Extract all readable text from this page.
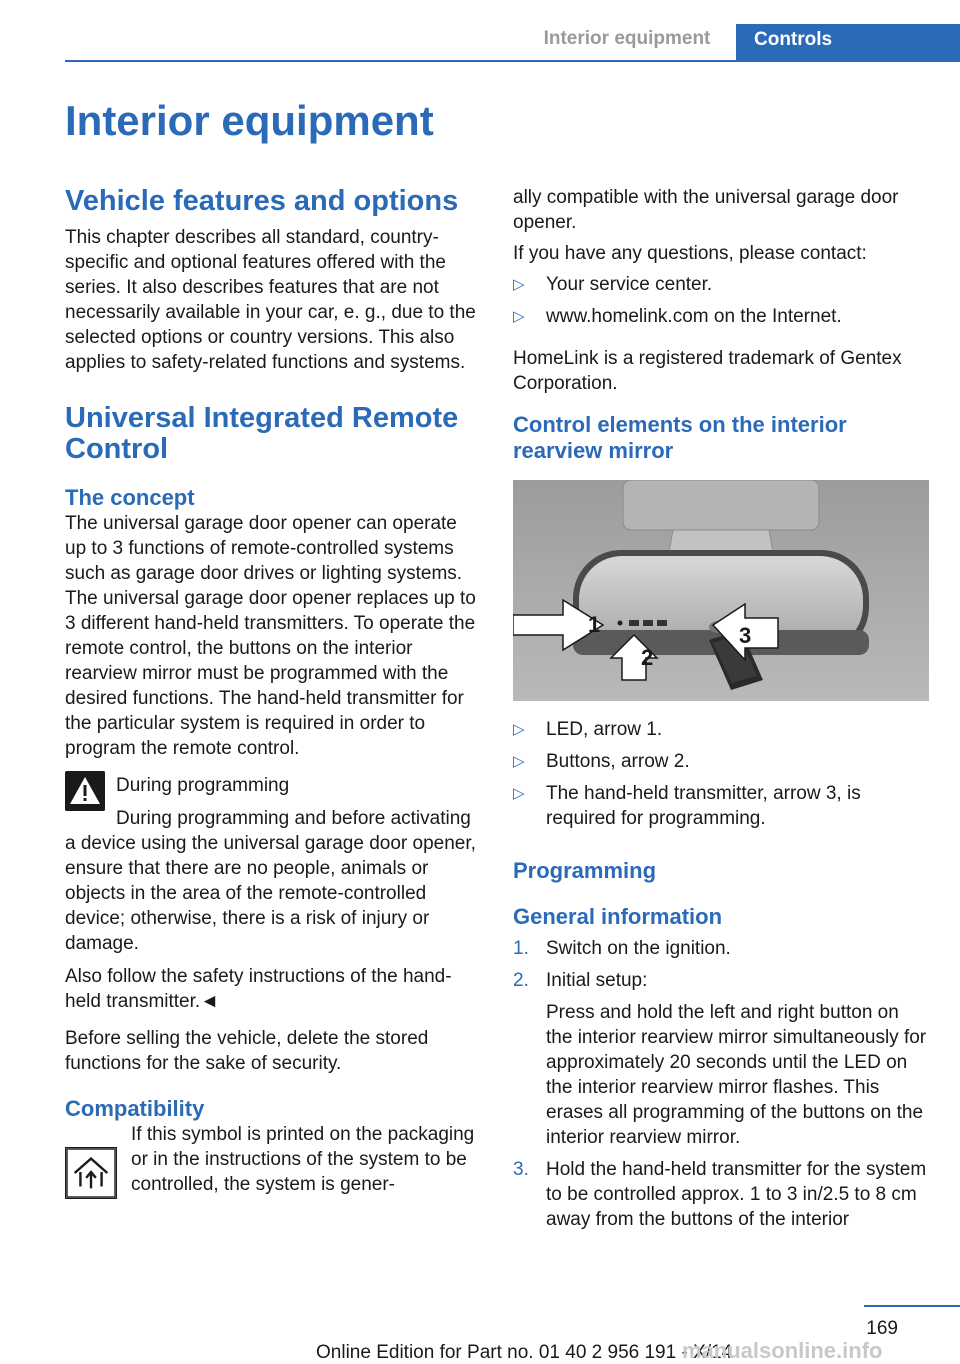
Interior equipment	Controls
Interior equipment
Vehicle features and options

This chapter describes all standard, country-specific and optional features offered with the series. It also describes features that are not necessarily available in your car, e. g., due to the selected options or country versions. This also applies to safety-related functions and systems.

Universal Integrated Remote Control
The concept

The universal garage door opener can operate up to 3 functions of remote-controlled systems such as garage door drives or lighting systems. The universal garage door opener replaces up to 3 different hand-held transmitters. To operate the remote control, the buttons on the interior rearview mirror must be programmed with the desired functions. The hand-held transmitter for the particular system is required in order to program the remote control.

During programming

During programming and before activating a device using the universal garage door opener, ensure that there are no people, animals or objects in the area of the remote-controlled device; otherwise, there is a risk of injury or damage.

Also follow the safety instructions of the hand-held transmitter.◄

Before selling the vehicle, delete the stored functions for the sake of security.

Compatibility

If this symbol is printed on the packaging or in the instructions of the system to be controlled, the system is gener-

ally compatible with the universal garage door opener.

If you have any questions, please contact:

▷ Your service center.
▷ www.homelink.com on the Internet.

HomeLink is a registered trademark of Gentex Corporation.

Control elements on the interior rearview mirror
1
2
3
▷ LED, arrow 1.
▷ Buttons, arrow 2.
▷ The hand-held transmitter, arrow 3, is required for programming.
Programming
General information
1. Switch on the ignition.
2. Initial setup:

Press and hold the left and right button on the interior rearview mirror simultaneously for approximately 20 seconds until the LED on the interior rearview mirror flashes. This erases all programming of the buttons on the interior rearview mirror.

3. Hold the hand-held transmitter for the system to be controlled approx. 1 to 3 in/2.5 to 8 cm away from the buttons of the interior
169
Online Edition for Part no. 01 40 2 956 191 - X/14
manualsonline.info
